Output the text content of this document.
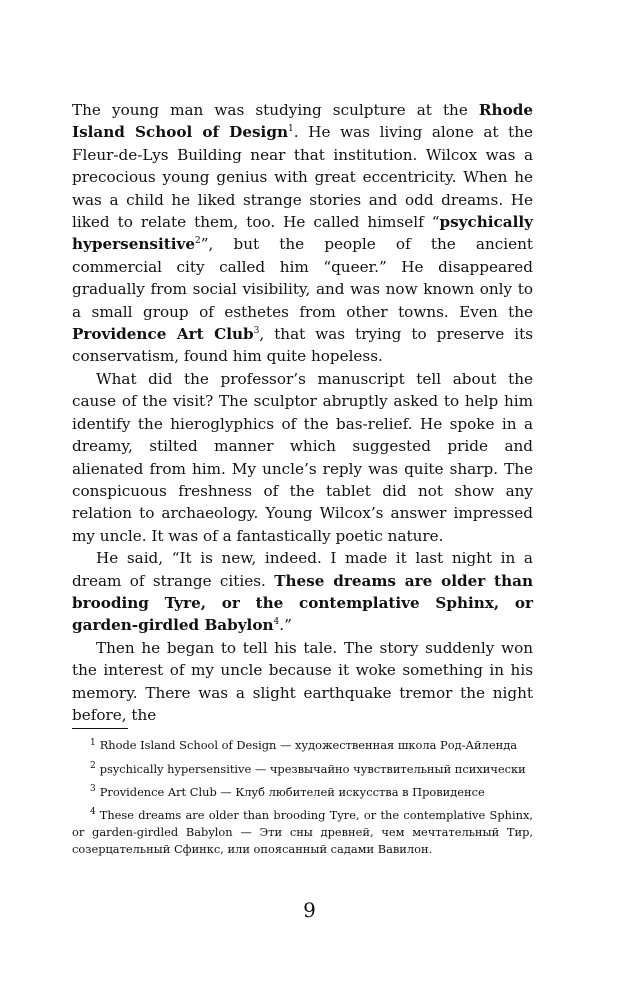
The young man was studying sculpture at the Rhode Island School of Design$^1$. He was living alone at the Fleur-de-Lys Building near that institution. Wilcox was a precocious young genius with great eccentricity. When he was a child he liked strange stories and odd dreams. He liked to relate them, too. He called himself “psychically hypersensitive$^2$”, but the people of the ancient commercial city called him “queer.” He disappeared gradually from social visibility, and was now known only to a small group of esthetes from other towns. Even the Providence Art Club$^3$, that was trying to preserve its conservatism, found him quite hopeless.

What did the professor’s manuscript tell about the cause of the visit? The sculptor abruptly asked to help him identify the hieroglyphics of the bas-relief. He spoke in a dreamy, stilted manner which suggested pride and alienated from him. My uncle’s reply was quite sharp. The conspicuous freshness of the tablet did not show any relation to archaeology. Young Wilcox’s answer impressed my uncle. It was of a fantastically poetic nature.

He said, “It is new, indeed. I made it last night in a dream of strange cities. These dreams are older than brooding Tyre, or the contemplative Sphinx, or garden-girdled Babylon$^4$.”

Then he began to tell his tale. The story suddenly won the interest of my uncle because it woke something in his memory. There was a slight earthquake tremor the night before, the

$^1$ Rhode Island School of Design — художественная школа Род-Айленда

$^2$ psychically hypersensitive — чрезвычайно чувствительный психически

$^3$ Providence Art Club — Клуб любителей искусства в Провиденсе

$^4$ These dreams are older than brooding Tyre, or the contemplative Sphinx, or garden-girdled Babylon — Эти сны древней, чем мечтательный Тир, созерцательный Сфинкс, или опоясанный садами Вавилон.

9
